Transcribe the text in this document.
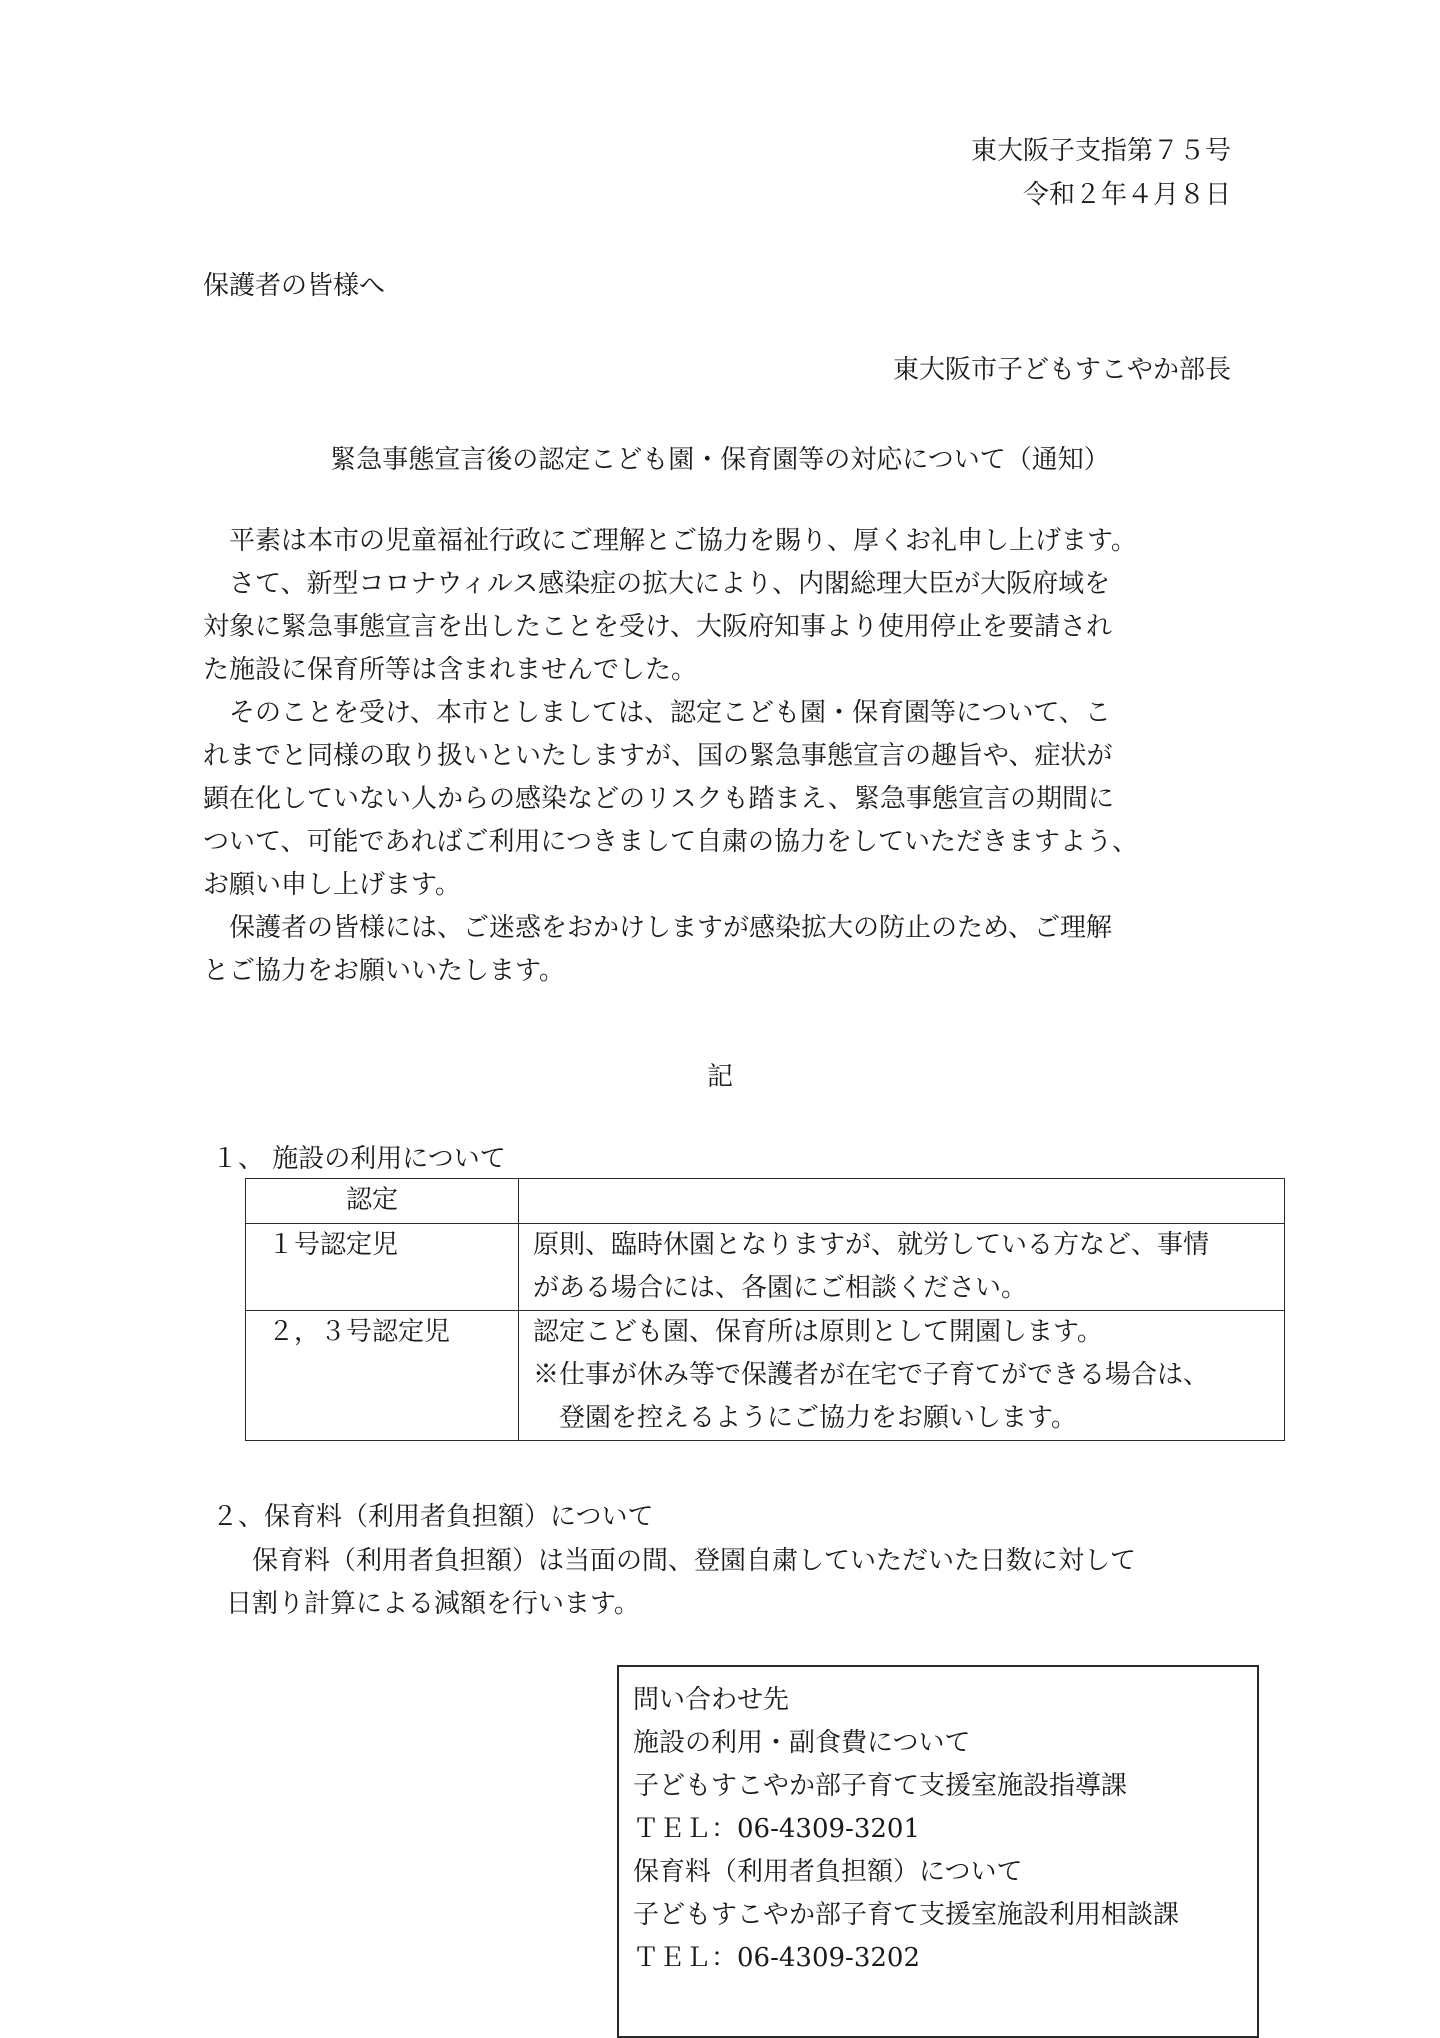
東大阪子支指第７５号
令和２年４月８日
保護者の皆様へ
東大阪市子どもすこやか部長
緊急事態宣言後の認定こども園・保育園等の対応について（通知）
　平素は本市の児童福祉行政にご理解とご協力を賜り、厚くお礼申し上げます。
　さて、新型コロナウィルス感染症の拡大により、内閣総理大臣が大阪府域を
対象に緊急事態宣言を出したことを受け、大阪府知事より使用停止を要請され
た施設に保育所等は含まれませんでした。
　そのことを受け、本市としましては、認定こども園・保育園等について、こ
れまでと同様の取り扱いといたしますが、国の緊急事態宣言の趣旨や、症状が
顕在化していない人からの感染などのリスクも踏まえ、緊急事態宣言の期間に
ついて、可能であればご利用につきまして自粛の協力をしていただきますよう、
お願い申し上げます。
　保護者の皆様には、ご迷惑をおかけしますが感染拡大の防止のため、ご理解
とご協力をお願いいたします。
記
１、 施設の利用について
認定	

１号認定児	原則、臨時休園となりますが、就労している方など、事情
がある場合には、各園にご相談ください。

２，３号認定児	認定こども園、保育所は原則として開園します。
※仕事が休み等で保護者が在宅で子育てができる場合は、
　登園を控えるようにご協力をお願いします。
２、保育料（利用者負担額）について
　保育料（利用者負担額）は当面の間、登園自粛していただいた日数に対して
日割り計算による減額を行います。
問い合わせ先
施設の利用・副食費について
子どもすこやか部子育て支援室施設指導課
ＴＥＬ：06-4309-3201
保育料（利用者負担額）について
子どもすこやか部子育て支援室施設利用相談課
ＴＥＬ：06-4309-3202
